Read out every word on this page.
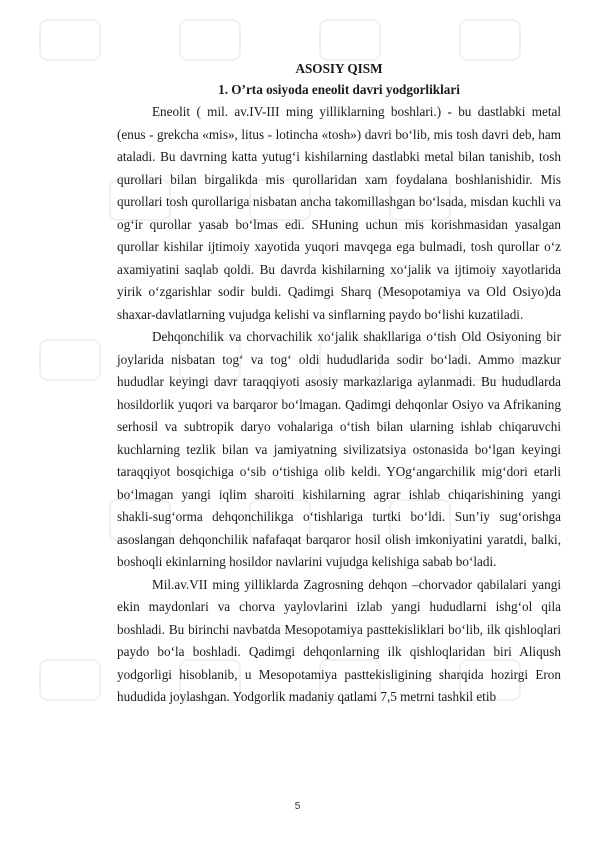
ASOSIY QISM
1. O’rta osiyoda eneolit davri yodgorliklari

Eneolit ( mil. av.IV-III ming yilliklarning boshlari.) - bu dastlabki metal (enus - grekcha «mis», litus - lotincha «tosh») davri bo‘lib, mis tosh davri deb, ham ataladi. Bu davrning katta yutug‘i kishilarning dastlabki metal bilan tanishib, tosh qurollari bilan birgalikda mis qurollaridan xam foydalana boshlanishidir. Mis qurollari tosh qurollariga nisbatan ancha takomillashgan bo‘lsada, misdan kuchli va og‘ir qurollar yasab bo‘lmas edi. SHuning uchun mis korishmasidan yasalgan qurollar kishilar ijtimoiy xayotida yuqori mavqega ega bulmadi, tosh qurollar o‘z axamiyatini saqlab qoldi. Bu davrda kishilarning xo‘jalik va ijtimoiy xayotlarida yirik o‘zgarishlar sodir buldi. Qadimgi Sharq (Mesopotamiya va Old Osiyo)da shaxar-davlatlarning vujudga kelishi va sinflarning paydo bo‘lishi kuzatiladi.

Dehqonchilik va chorvachilik xo‘jalik shakllariga o‘tish Old Osiyoning bir joylarida nisbatan tog‘ va tog‘ oldi hududlarida sodir bo‘ladi. Ammo mazkur hududlar keyingi davr taraqqiyoti asosiy markazlariga aylanmadi. Bu hududlarda hosildorlik yuqori va barqaror bo‘lmagan. Qadimgi dehqonlar Osiyo va Afrikaning serhosil va subtropik daryo vohalariga o‘tish bilan ularning ishlab chiqaruvchi kuchlarning tezlik bilan va jamiyatning sivilizatsiya ostonasida bo‘lgan keyingi taraqqiyot bosqichiga o‘sib o‘tishiga olib keldi. YOg‘angarchilik mig‘dori etarli bo‘lmagan yangi iqlim sharoiti kishilarning agrar ishlab chiqarishining yangi shakli-sug‘orma dehqonchilikga o‘tishlariga turtki bo‘ldi. Sun’iy sug‘orishga asoslangan dehqonchilik nafafaqat barqaror hosil olish imkoniyatini yaratdi, balki, boshoqli ekinlarning hosildor navlarini vujudga kelishiga sabab bo‘ladi.

Mil.av.VII ming yilliklarda Zagrosning dehqon –chorvador qabilalari yangi ekin maydonlari va chorva yaylovlarini izlab yangi hududlarni ishg‘ol qila boshladi. Bu birinchi navbatda Mesopotamiya pasttekisliklari bo‘lib, ilk qishloqlari paydo bo‘la boshladi. Qadimgi dehqonlarning ilk qishloqlaridan biri Aliqush yodgorligi hisoblanib, u Mesopotamiya pasttekisligining sharqida hozirgi Eron hududida joylashgan. Yodgorlik madaniy qatlami 7,5 metrni tashkil etib

5
